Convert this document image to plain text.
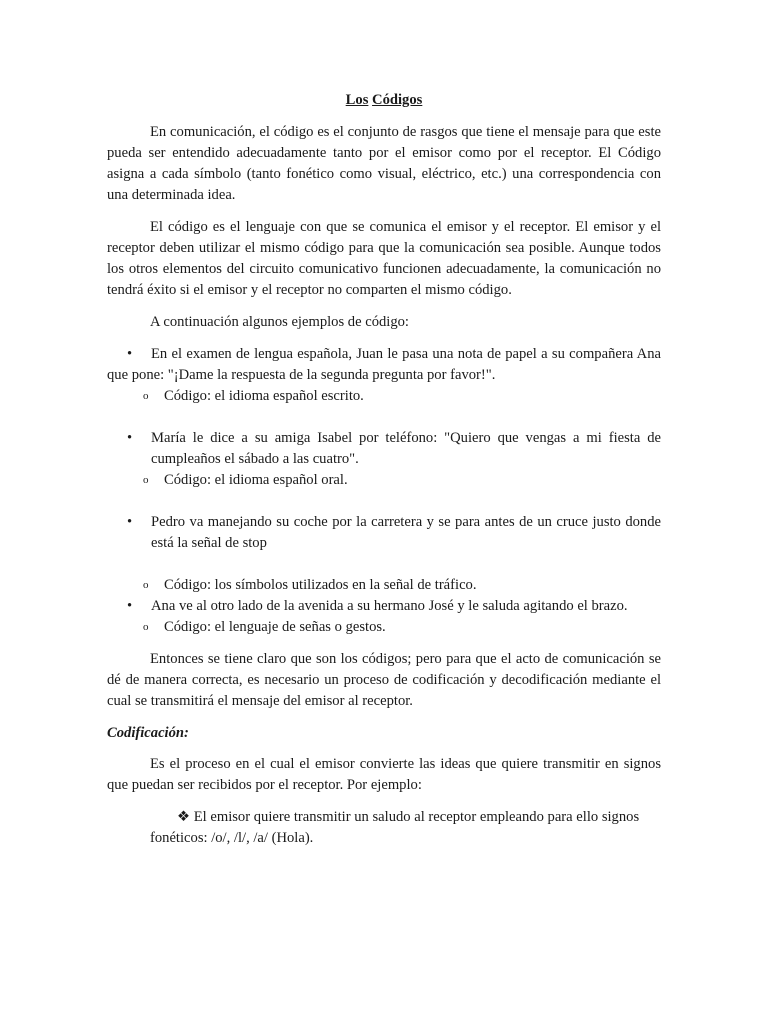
Los Códigos

En comunicación, el código es el conjunto de rasgos que tiene el mensaje para que este pueda ser entendido adecuadamente tanto por el emisor como por el receptor. El Código asigna a cada símbolo (tanto fonético como visual, eléctrico, etc.) una correspondencia con una determinada idea.

El código es el lenguaje con que se comunica el emisor y el receptor. El emisor y el receptor deben utilizar el mismo código para que la comunicación sea posible. Aunque todos los otros elementos del circuito comunicativo funcionen adecuadamente, la comunicación no tendrá éxito si el emisor y el receptor no comparten el mismo código.

A continuación algunos ejemplos de código:

• En el examen de lengua española, Juan le pasa una nota de papel a su compañera Ana que pone: "¡Dame la respuesta de la segunda pregunta por favor!".
o Código: el idioma español escrito.
• María le dice a su amiga Isabel por teléfono: "Quiero que vengas a mi fiesta de cumpleaños el sábado a las cuatro".
o Código: el idioma español oral.
• Pedro va manejando su coche por la carretera y se para antes de un cruce justo donde está la señal de stop
o Código: los símbolos utilizados en la señal de tráfico.
• Ana ve al otro lado de la avenida a su hermano José y le saluda agitando el brazo.
o Código: el lenguaje de señas o gestos.

Entonces se tiene claro que son los códigos; pero para que el acto de comunicación se dé de manera correcta, es necesario un proceso de codificación y decodificación mediante el cual se transmitirá el mensaje del emisor al receptor.

Codificación:

Es el proceso en el cual el emisor convierte las ideas que quiere transmitir en signos que puedan ser recibidos por el receptor. Por ejemplo:

❖ El emisor quiere transmitir un saludo al receptor empleando para ello signos fonéticos: /o/, /l/, /a/ (Hola).
